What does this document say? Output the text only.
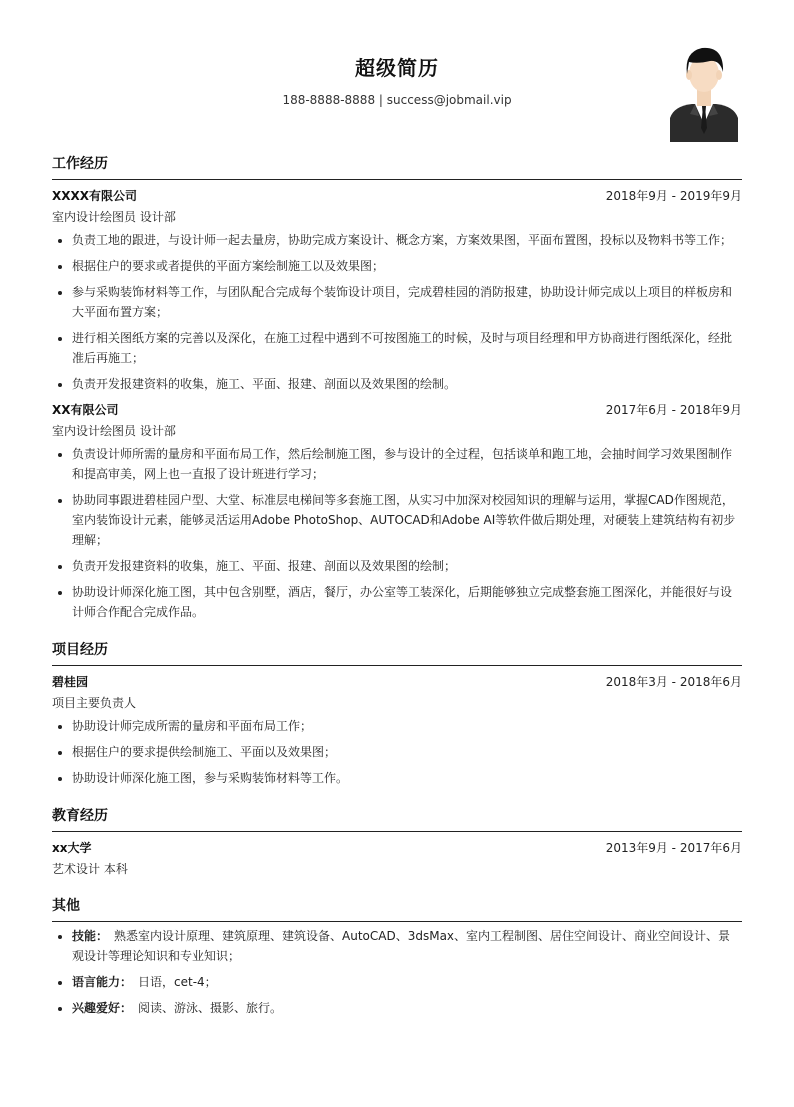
超级简历
188-8888-8888 | success@jobmail.vip
工作经历
XXXX有限公司	2018年9月 - 2019年9月
室内设计绘图员 设计部
• 负责工地的跟进，与设计师一起去量房，协助完成方案设计、概念方案，方案效果图，平面布置图，投标以及物料书等工作；
• 根据住户的要求或者提供的平面方案绘制施工以及效果图；
• 参与采购装饰材料等工作，与团队配合完成每个装饰设计项目，完成碧桂园的消防报建，协助设计师完成以上项目的样板房和大平面布置方案；
• 进行相关图纸方案的完善以及深化，在施工过程中遇到不可按图施工的时候，及时与项目经理和甲方协商进行图纸深化，经批准后再施工；
• 负责开发报建资料的收集，施工、平面、报建、剖面以及效果图的绘制。
XX有限公司	2017年6月 - 2018年9月
室内设计绘图员 设计部
• 负责设计师所需的量房和平面布局工作，然后绘制施工图，参与设计的全过程，包括谈单和跑工地，会抽时间学习效果图制作和提高审美，网上也一直报了设计班进行学习；
• 协助同事跟进碧桂园户型、大堂、标准层电梯间等多套施工图，从实习中加深对校园知识的理解与运用，掌握CAD作图规范，室内装饰设计元素，能够灵活运用Adobe PhotoShop、AUTOCAD和Adobe AI等软件做后期处理，对硬装上建筑结构有初步理解；
• 负责开发报建资料的收集，施工、平面、报建、剖面以及效果图的绘制；
• 协助设计师深化施工图，其中包含别墅，酒店，餐厅，办公室等工装深化，后期能够独立完成整套施工图深化，并能很好与设计师合作配合完成作品。
项目经历
碧桂园	2018年3月 - 2018年6月
项目主要负责人
• 协助设计师完成所需的量房和平面布局工作；
• 根据住户的要求提供绘制施工、平面以及效果图；
• 协助设计师深化施工图，参与采购装饰材料等工作。
教育经历
xx大学	2013年9月 - 2017年6月
艺术设计 本科
其他
• 技能： 熟悉室内设计原理、建筑原理、建筑设备、AutoCAD、3dsMax、室内工程制图、居住空间设计、商业空间设计、景观设计等理论知识和专业知识；
• 语言能力： 日语，cet-4；
• 兴趣爱好： 阅读、游泳、摄影、旅行。
